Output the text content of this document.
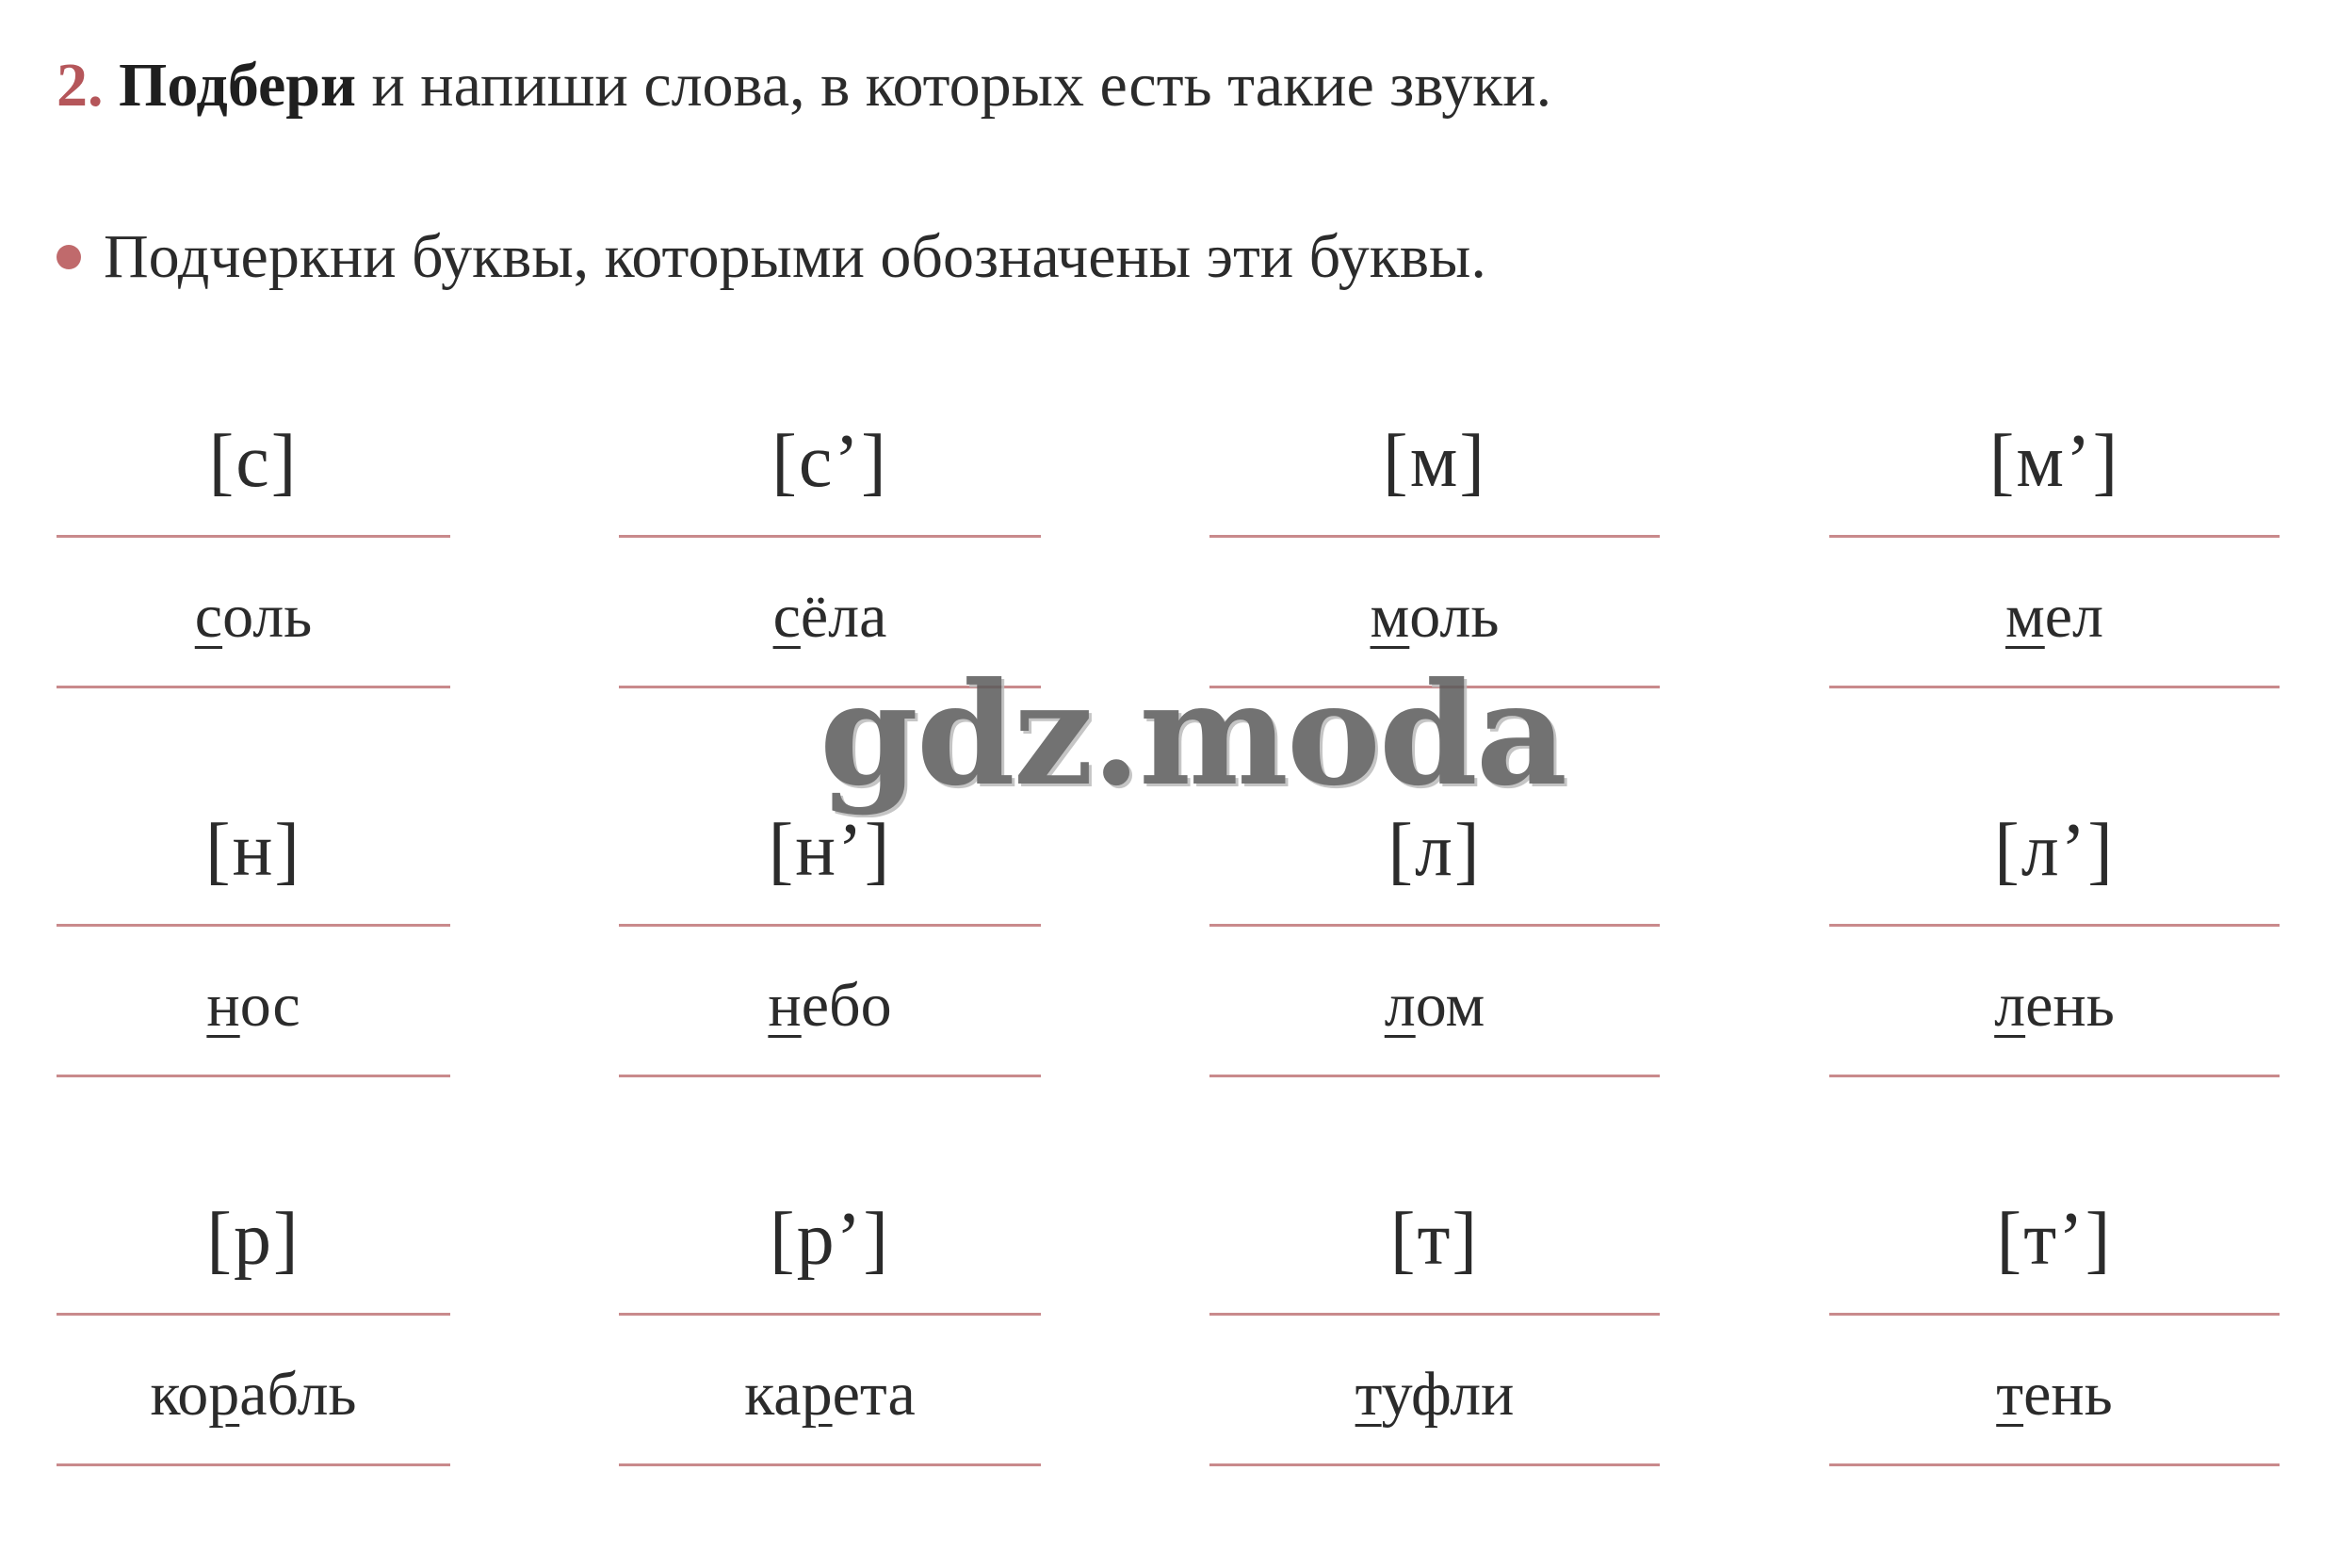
2. Подбери и напиши слова, в которых есть такие звуки.
Подчеркни буквы, которыми обозначены эти буквы.
[с]
соль
[с’]
сёла
[м]
моль
[м’]
мел
[н]
нос
[н’]
небо
[л]
лом
[л’]
лень
[р]
корабль
[р’]
карета
[т]
туфли
[т’]
тень
gdz.moda
